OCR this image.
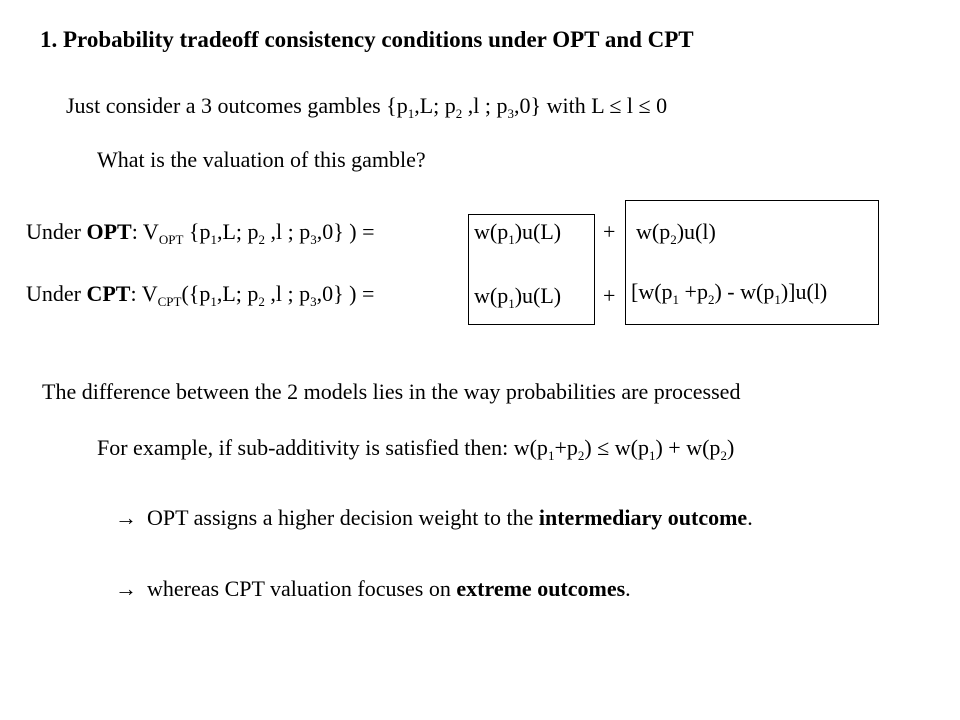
1. Probability tradeoff consistency conditions under OPT and CPT
Just consider a 3 outcomes gambles {$p_1,L$; $p_2$ ,l ; $p_3,0$} with L ≤ l ≤ 0
What is the valuation of this gamble?
Under OPT: $V_{OPT}$ {$p_1,L$; $p_2$ ,l ; $p_3,0$} ) =	$w(p_1)u(L) + w(p_2)u(l)$
Under CPT: $V_{CPT}(\{p_1,L$; $p_2$ ,l ; $p_3,0$} ) =	$w(p_1)u(L) + [w(p_1 +p_2) - w(p_1)]u(l)$
The difference between the 2 models lies in the way probabilities are processed
For example, if sub-additivity is satisfied then: $w(p_1+p_2) \le w(p_1) + w(p_2)$
→ OPT assigns a higher decision weight to the intermediary outcome.
→ whereas CPT valuation focuses on extreme outcomes.
